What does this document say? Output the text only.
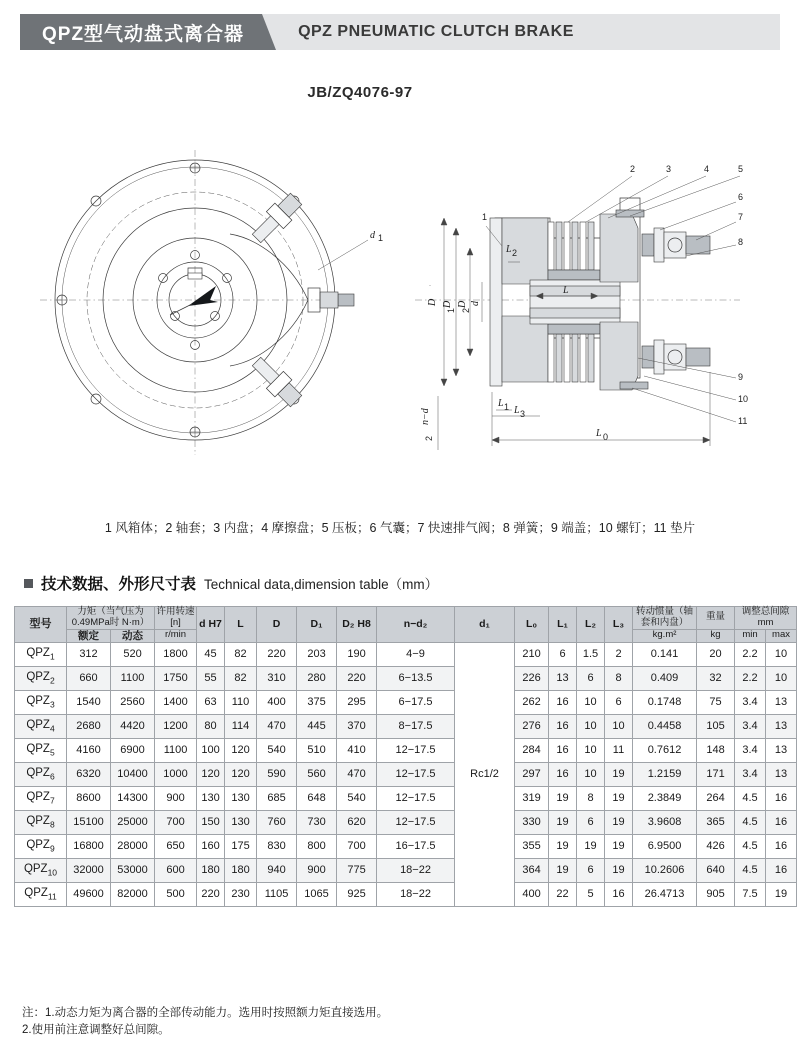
QPZ型气动盘式离合器	QPZ PNEUMATIC CLUTCH BRAKE
JB/ZQ4076-97
d 1
D D
1
D
2
d
n−d
2
L
L 2
L 1
L 0
L 3
1
2	3	4	5
6
7
8
9
10
11
1 风箱体；2 轴套；3 内盘；4 摩擦盘；5 压板；6 气囊；7 快速排气阀；8 弹簧；9 端盖；10 螺钉；11 垫片
技术数据、外形尺寸表 Technical data,dimension table（mm）
型号	力矩（当气压为0.49MPa时 N·m）		许用转速[n]	d H7	L	D	D₁	D₂ H8	n−d₂	d₁	L₀	L₁	L₂	L₃	转动惯量（轴套和内盘）	重量	调整总间隙 mm	
	额定	动态															min	max
			r/min												kg.m²	kg		
$QPZ_1$	312	520	1800	45	82	220	203	190	4−9	Rc1/2	210	6	1.5	2	0.141	20	2.2	10
$QPZ_2$	660	1100	1750	55	82	310	280	220	6−13.5		226	13	6	8	0.409	32	2.2	10
$QPZ_3$	1540	2560	1400	63	110	400	375	295	6−17.5		262	16	10	6	0.1748	75	3.4	13
$QPZ_4$	2680	4420	1200	80	114	470	445	370	8−17.5		276	16	10	10	0.4458	105	3.4	13
$QPZ_5$	4160	6900	1100	100	120	540	510	410	12−17.5		284	16	10	11	0.7612	148	3.4	13
$QPZ_6$	6320	10400	1000	120	120	590	560	470	12−17.5		297	16	10	19	1.2159	171	3.4	13
$QPZ_7$	8600	14300	900	130	130	685	648	540	12−17.5		319	19	8	19	2.3849	264	4.5	16
$QPZ_8$	15100	25000	700	150	130	760	730	620	12−17.5		330	19	6	19	3.9608	365	4.5	16
$QPZ_9$	16800	28000	650	160	175	830	800	700	16−17.5		355	19	19	19	6.9500	426	4.5	16
$QPZ_{10}$	32000	53000	600	180	180	940	900	775	18−22		364	19	6	19	10.2606	640	4.5	16
$QPZ_{11}$	49600	82000	500	220	230	1105	1065	925	18−22		400	22	5	16	26.4713	905	7.5	19
注：1.动态力矩为离合器的全部传动能力。选用时按照额力矩直接选用。
2.使用前注意调整好总间隙。
